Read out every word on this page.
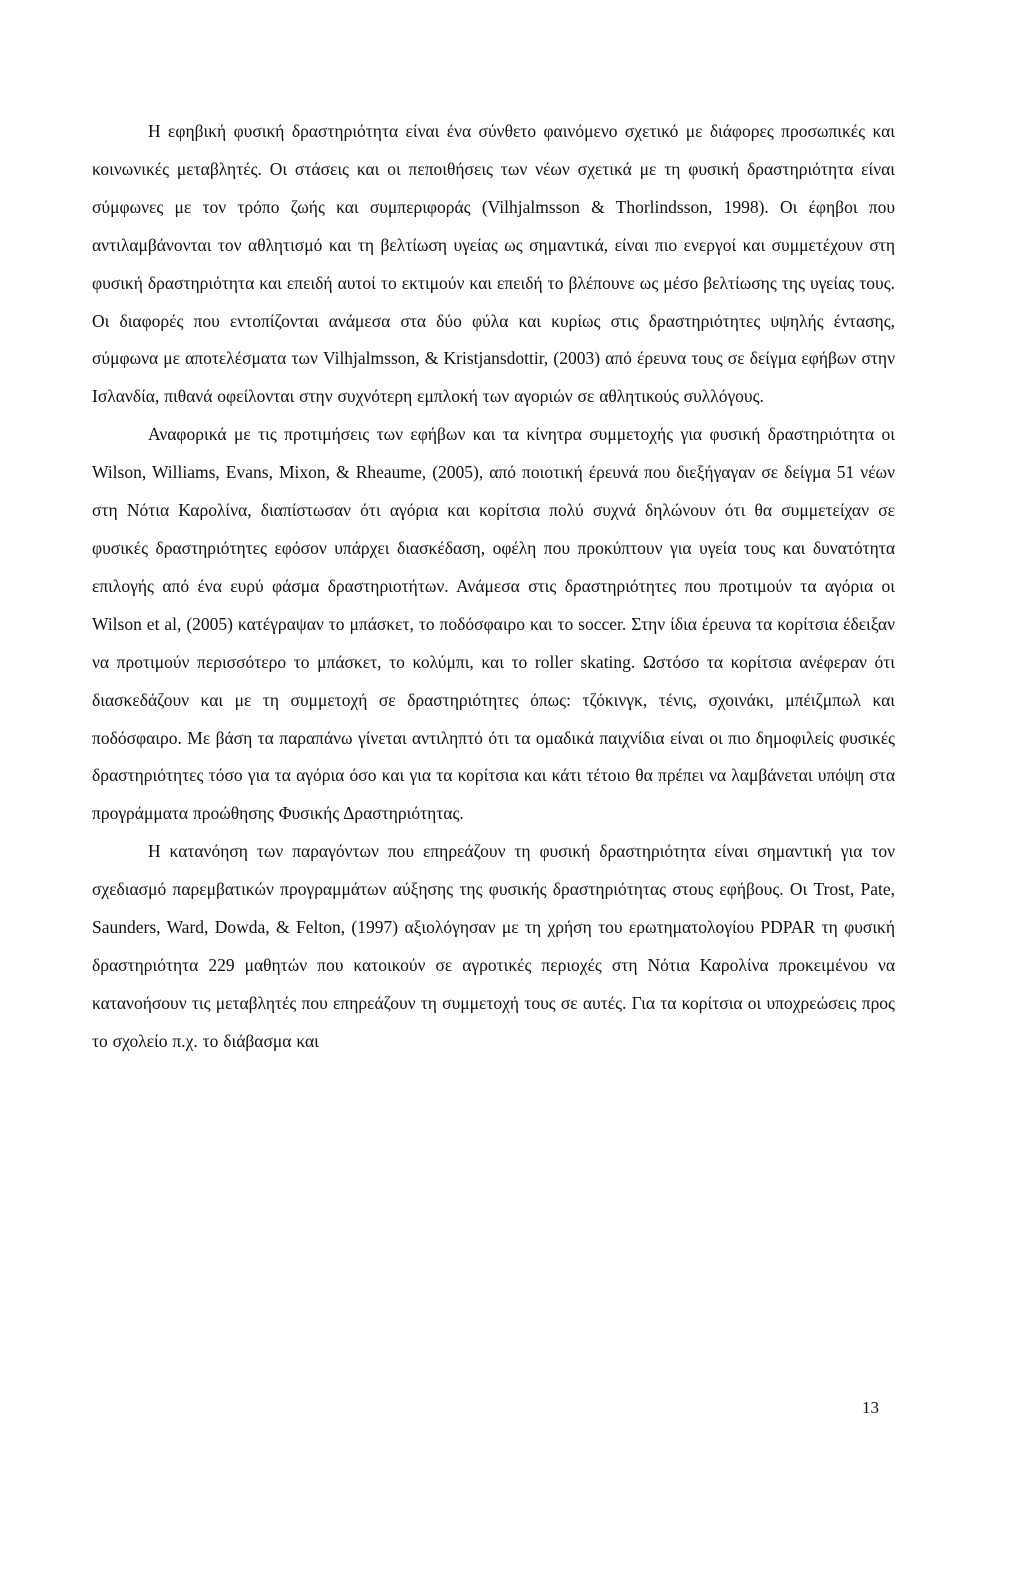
Η εφηβική φυσική δραστηριότητα είναι ένα σύνθετο φαινόμενο σχετικό με διάφορες προσωπικές και κοινωνικές μεταβλητές. Οι στάσεις και οι πεποιθήσεις των νέων σχετικά με τη φυσική δραστηριότητα είναι σύμφωνες με τον τρόπο ζωής και συμπεριφοράς (Vilhjalmsson & Thorlindsson, 1998). Οι έφηβοι που αντιλαμβάνονται τον αθλητισμό και τη βελτίωση υγείας ως σημαντικά, είναι πιο ενεργοί και συμμετέχουν στη φυσική δραστηριότητα και επειδή αυτοί το εκτιμούν και επειδή το βλέπουνε ως μέσο βελτίωσης της υγείας τους. Οι διαφορές που εντοπίζονται ανάμεσα στα δύο φύλα και κυρίως στις δραστηριότητες υψηλής έντασης, σύμφωνα με αποτελέσματα των Vilhjalmsson, & Kristjansdottir, (2003) από έρευνα τους σε δείγμα εφήβων στην Ισλανδία, πιθανά οφείλονται στην συχνότερη εμπλοκή των αγοριών σε αθλητικούς συλλόγους.

Αναφορικά με τις προτιμήσεις των εφήβων και τα κίνητρα συμμετοχής για φυσική δραστηριότητα οι Wilson, Williams, Evans, Mixon, & Rheaume, (2005), από ποιοτική έρευνά που διεξήγαγαν σε δείγμα 51 νέων στη Νότια Καρολίνα, διαπίστωσαν ότι αγόρια και κορίτσια πολύ συχνά δηλώνουν ότι θα συμμετείχαν σε φυσικές δραστηριότητες εφόσον υπάρχει διασκέδαση, οφέλη που προκύπτουν για υγεία τους και δυνατότητα επιλογής από ένα ευρύ φάσμα δραστηριοτήτων. Ανάμεσα στις δραστηριότητες που προτιμούν τα αγόρια οι Wilson et al, (2005) κατέγραψαν το μπάσκετ, το ποδόσφαιρο και το soccer. Στην ίδια έρευνα τα κορίτσια έδειξαν να προτιμούν περισσότερο το μπάσκετ, το κολύμπι, και το roller skating. Ωστόσο τα κορίτσια ανέφεραν ότι διασκεδάζουν και με τη συμμετοχή σε δραστηριότητες όπως: τζόκινγκ, τένις, σχοινάκι, μπέιζμπωλ και ποδόσφαιρο. Με βάση τα παραπάνω γίνεται αντιληπτό ότι τα ομαδικά παιχνίδια είναι οι πιο δημοφιλείς φυσικές δραστηριότητες τόσο για τα αγόρια όσο και για τα κορίτσια και κάτι τέτοιο θα πρέπει να λαμβάνεται υπόψη στα προγράμματα προώθησης Φυσικής Δραστηριότητας.

Η κατανόηση των παραγόντων που επηρεάζουν τη φυσική δραστηριότητα είναι σημαντική για τον σχεδιασμό παρεμβατικών προγραμμάτων αύξησης της φυσικής δραστηριότητας στους εφήβους. Οι Trost, Pate, Saunders, Ward, Dowda, & Felton, (1997) αξιολόγησαν με τη χρήση του ερωτηματολογίου PDPAR τη φυσική δραστηριότητα 229 μαθητών που κατοικούν σε αγροτικές περιοχές στη Νότια Καρολίνα προκειμένου να κατανοήσουν τις μεταβλητές που επηρεάζουν τη συμμετοχή τους σε αυτές. Για τα κορίτσια οι υποχρεώσεις προς το σχολείο π.χ. το διάβασμα και

13
